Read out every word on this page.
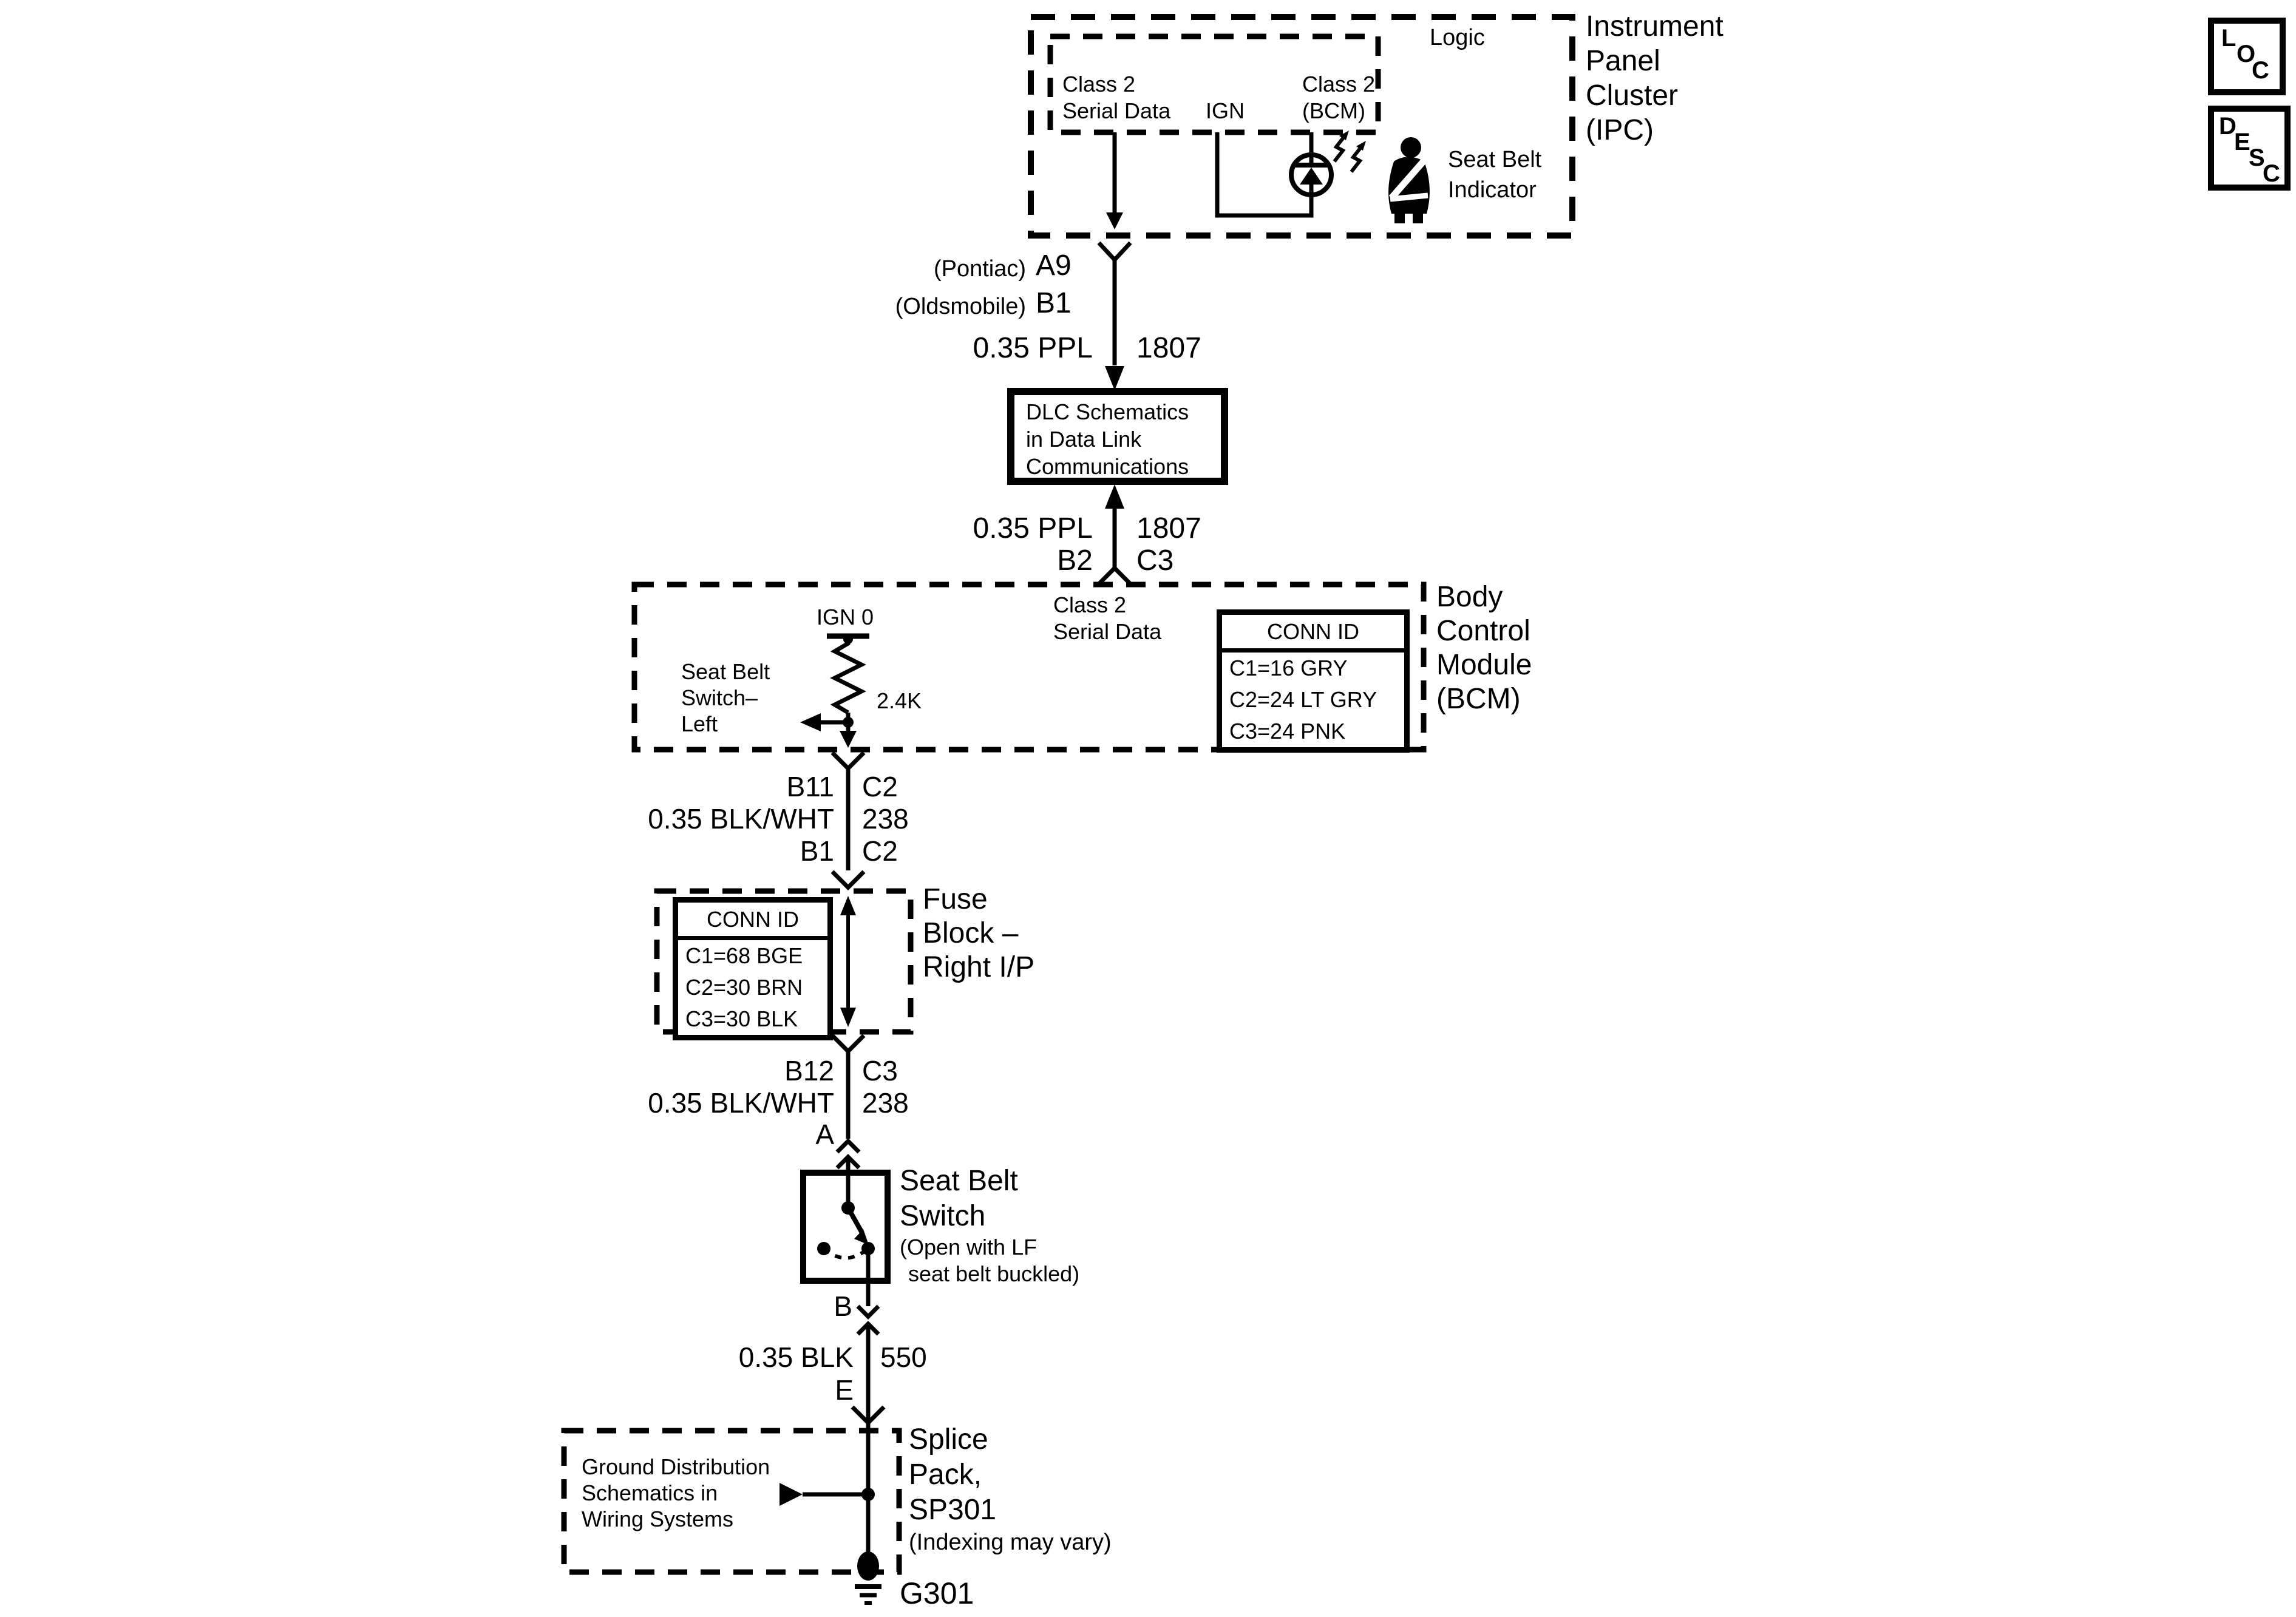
Logic
Class 2
Serial Data IGN
Class 2
(BCM)
Seat Belt
Indicator
Instrument
Panel
Cluster
(IPC)
(Pontiac) A9
(Oldsmobile) B1
0.35 PPL 1807
DLC Schematics
in Data Link
Communications
0.35 PPL 1807
B2 C3
Class 2
Serial Data
IGN 0
2.4K
Seat Belt
Switch–
Left
Body
Control
Module
(BCM)
CONN ID
C1=16 GRY
C2=24 LT GRY
C3=24 PNK
B11 C2
0.35 BLK/WHT 238
B1 C2
Fuse
Block –
Right I/P
CONN ID
C1=68 BGE
C2=30 BRN
C3=30 BLK
B12 C3
0.35 BLK/WHT 238
A
Seat Belt
Switch
(Open with LF
seat belt buckled)
B
0.35 BLK 550
E
Ground Distribution
Schematics in
Wiring Systems
Splice
Pack,
SP301
(Indexing may vary)
G301
L
O
C
D
E
S
C
